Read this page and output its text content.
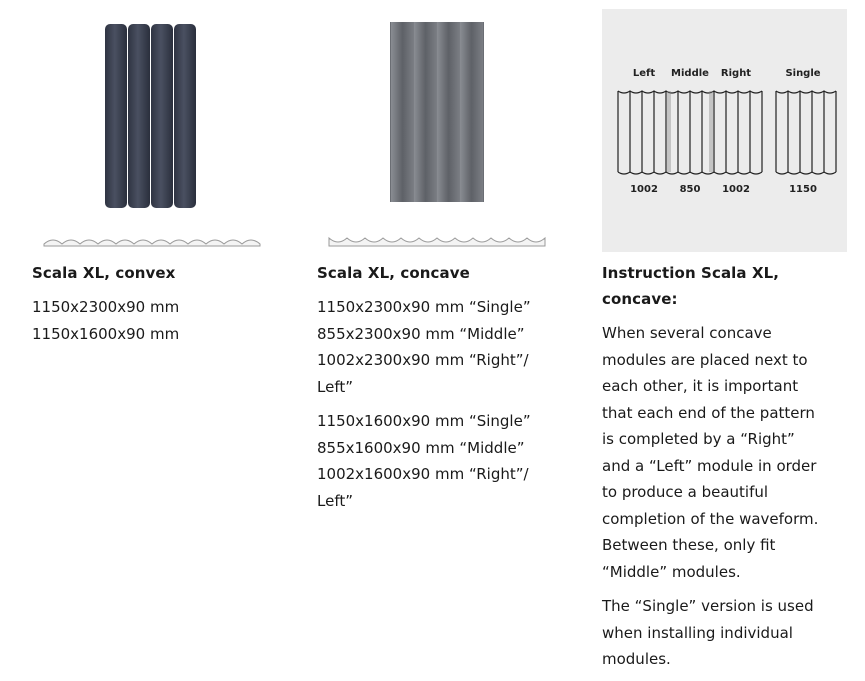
Scala XL, convex

1150x2300x90 mm

1150x1600x90 mm

Scala XL, concave

1150x2300x90 mm “Single”

855x2300x90 mm “Middle”

1002x2300x90 mm “Right”/

Left”

1150x1600x90 mm “Single”

855x1600x90 mm “Middle”

1002x1600x90 mm “Right”/

Left”

Left Middle Right	Single
1002 850 1002	1150
Instruction Scala XL,
concave:

When several concave

modules are placed next to

each other, it is important

that each end of the pattern

is completed by a “Right”

and a “Left” module in order

to produce a beautiful

completion of the waveform.

Between these, only fit

“Middle” modules.

The “Single” version is used

when installing individual

modules.
